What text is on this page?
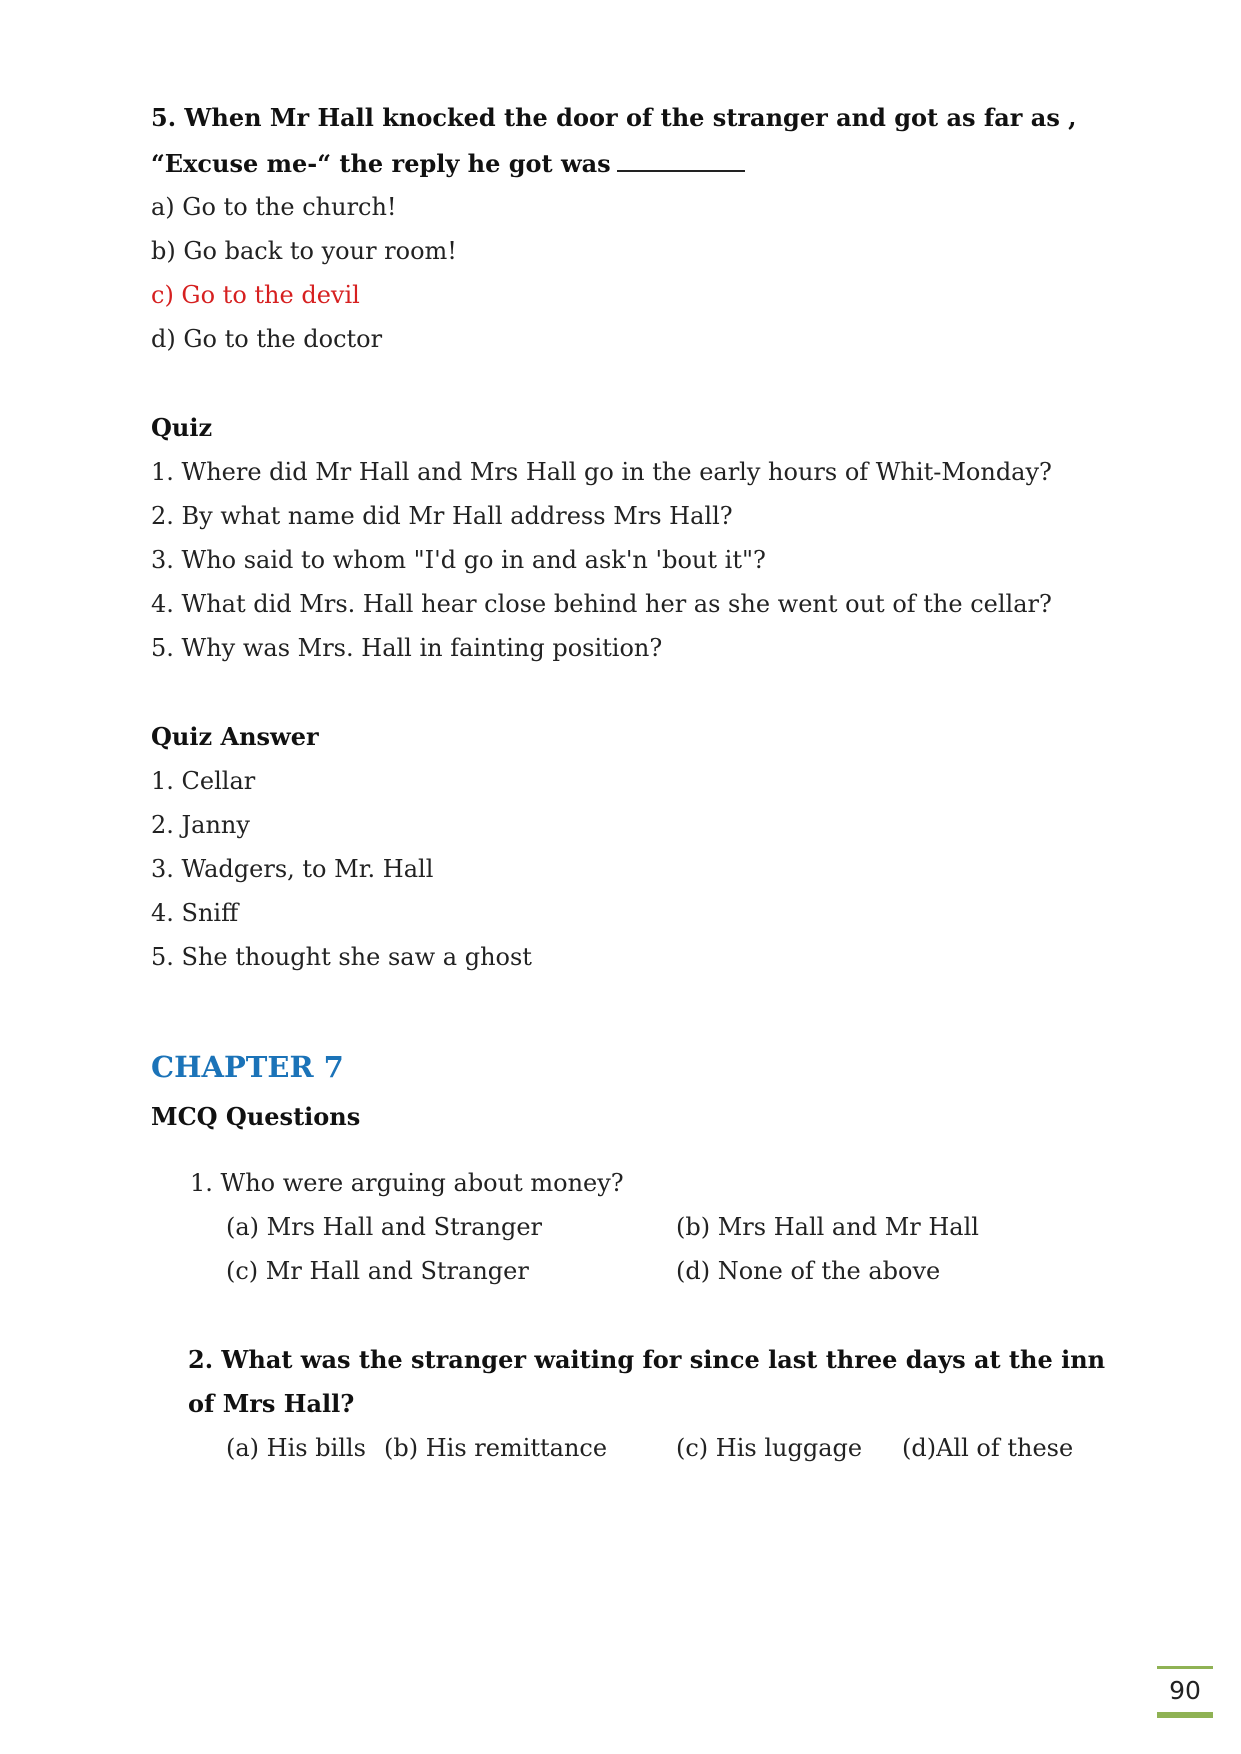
5. When Mr Hall knocked the door of the stranger and got as far as ,
“Excuse me-“ the reply he got was
a) Go to the church!
b) Go back to your room!
c) Go to the devil
d) Go to the doctor
Quiz
1. Where did Mr Hall and Mrs Hall go in the early hours of Whit-Monday?
2. By what name did Mr Hall address Mrs Hall?
3. Who said to whom "I'd go in and ask'n 'bout it"?
4. What did Mrs. Hall hear close behind her as she went out of the cellar?
5. Why was Mrs. Hall in fainting position?
Quiz Answer
1. Cellar
2. Janny
3. Wadgers, to Mr. Hall
4. Sniff
5. She thought she saw a ghost
CHAPTER 7
MCQ Questions
1. Who were arguing about money?
(a) Mrs Hall and Stranger	(b) Mrs Hall and Mr Hall
(c) Mr Hall and Stranger	(d) None of the above
2. What was the stranger waiting for since last three days at the inn
of Mrs Hall?
(a) His bills (b) His remittance	(c) His luggage (d)All of these
90
